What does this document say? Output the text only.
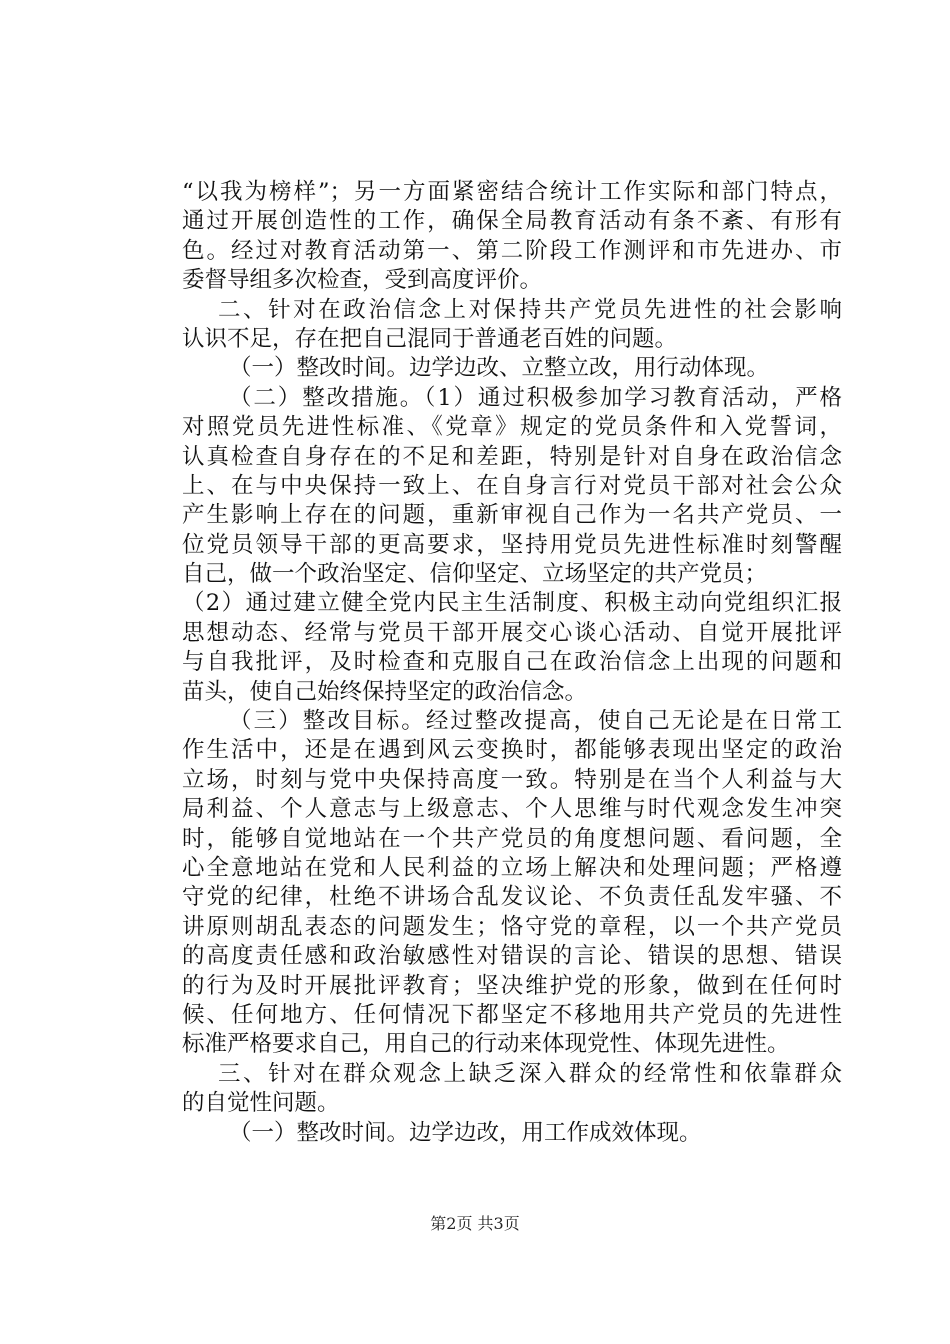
“以我为榜样”；另一方面紧密结合统计工作实际和部门特点，
通过开展创造性的工作，确保全局教育活动有条不紊、有形有
色。经过对教育活动第一、第二阶段工作测评和市先进办、市
委督导组多次检查，受到高度评价。
二、针对在政治信念上对保持共产党员先进性的社会影响
认识不足，存在把自己混同于普通老百姓的问题。
（一）整改时间。边学边改、立整立改，用行动体现。
（二）整改措施。（1）通过积极参加学习教育活动，严格
对照党员先进性标准、《党章》规定的党员条件和入党誓词，
认真检查自身存在的不足和差距，特别是针对自身在政治信念
上、在与中央保持一致上、在自身言行对党员干部对社会公众
产生影响上存在的问题，重新审视自己作为一名共产党员、一
位党员领导干部的更高要求，坚持用党员先进性标准时刻警醒
自己，做一个政治坚定、信仰坚定、立场坚定的共产党员；
（2）通过建立健全党内民主生活制度、积极主动向党组织汇报
思想动态、经常与党员干部开展交心谈心活动、自觉开展批评
与自我批评，及时检查和克服自己在政治信念上出现的问题和
苗头，使自己始终保持坚定的政治信念。
（三）整改目标。经过整改提高，使自己无论是在日常工
作生活中，还是在遇到风云变换时，都能够表现出坚定的政治
立场，时刻与党中央保持高度一致。特别是在当个人利益与大
局利益、个人意志与上级意志、个人思维与时代观念发生冲突
时，能够自觉地站在一个共产党员的角度想问题、看问题，全
心全意地站在党和人民利益的立场上解决和处理问题；严格遵
守党的纪律，杜绝不讲场合乱发议论、不负责任乱发牢骚、不
讲原则胡乱表态的问题发生；恪守党的章程，以一个共产党员
的高度责任感和政治敏感性对错误的言论、错误的思想、错误
的行为及时开展批评教育；坚决维护党的形象，做到在任何时
候、任何地方、任何情况下都坚定不移地用共产党员的先进性
标准严格要求自己，用自己的行动来体现党性、体现先进性。
三、针对在群众观念上缺乏深入群众的经常性和依靠群众
的自觉性问题。
（一）整改时间。边学边改，用工作成效体现。
第2页 共3页
